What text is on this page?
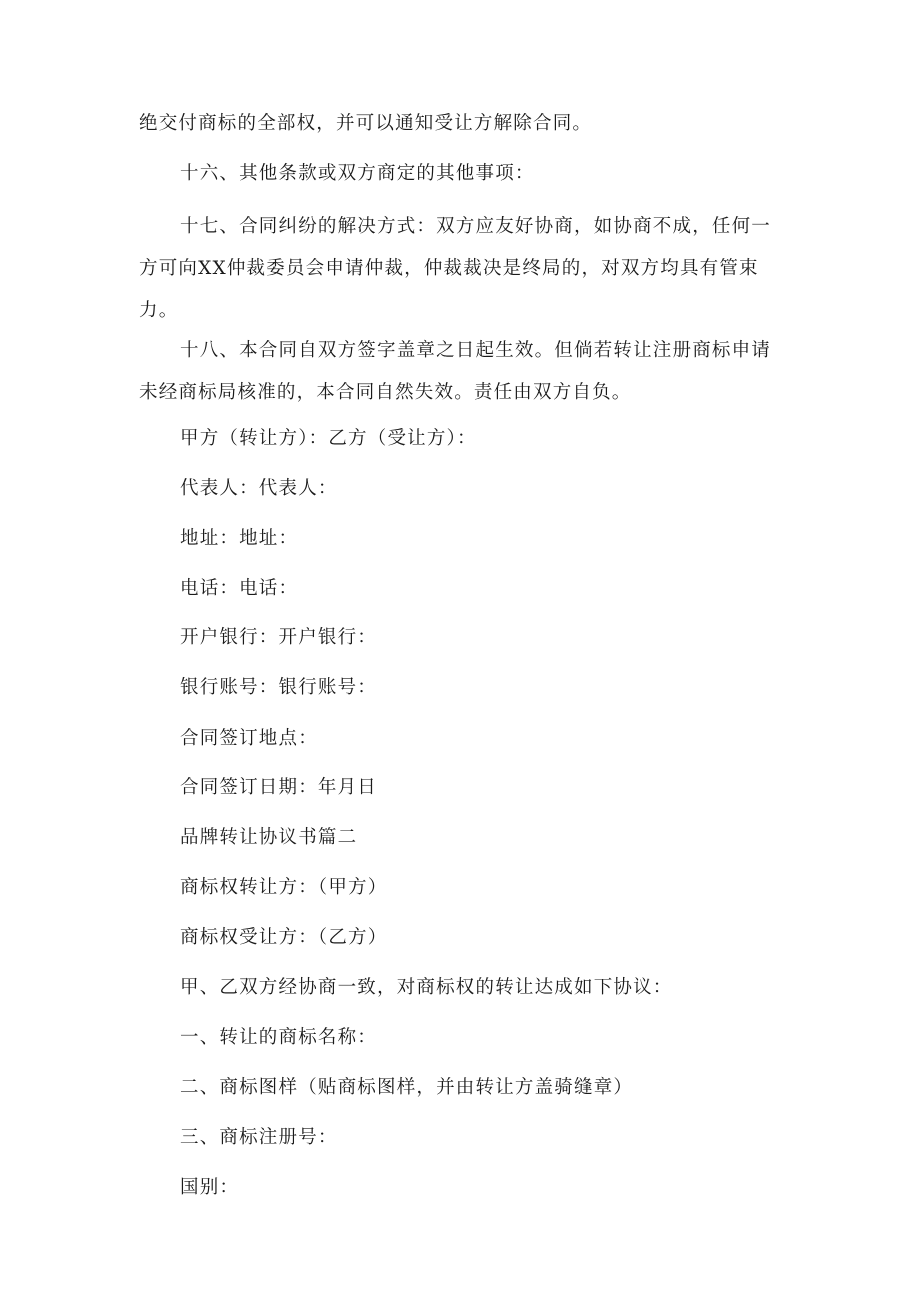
绝交付商标的全部权，并可以通知受让方解除合同。

十六、其他条款或双方商定的其他事项：

十七、合同纠纷的解决方式：双方应友好协商，如协商不成，任何一方可向XX仲裁委员会申请仲裁，仲裁裁决是终局的，对双方均具有管束力。

十八、本合同自双方签字盖章之日起生效。但倘若转让注册商标申请未经商标局核准的，本合同自然失效。责任由双方自负。

甲方（转让方）：乙方（受让方）：

代表人：代表人：

地址：地址：

电话：电话：

开户银行：开户银行：

银行账号：银行账号：

合同签订地点：

合同签订日期：年月日

品牌转让协议书篇二

商标权转让方：（甲方）

商标权受让方：（乙方）

甲、乙双方经协商一致，对商标权的转让达成如下协议：

一、转让的商标名称：

二、商标图样（贴商标图样，并由转让方盖骑缝章）

三、商标注册号：

国别：
